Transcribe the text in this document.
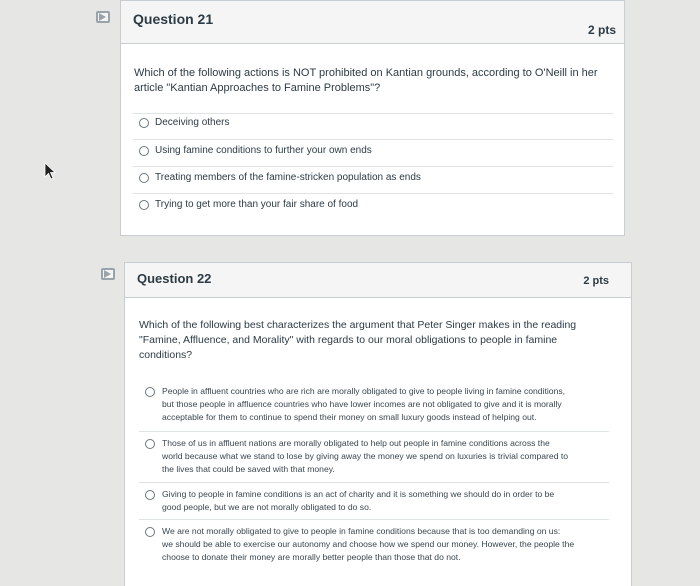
Question 21
2 pts
Which of the following actions is NOT prohibited on Kantian grounds, according to O'Neill in her
article "Kantian Approaches to Famine Problems"?
Deceiving others
Using famine conditions to further your own ends
Treating members of the famine-stricken population as ends
Trying to get more than your fair share of food
Question 22	2 pts
Which of the following best characterizes the argument that Peter Singer makes in the reading
"Famine, Affluence, and Morality" with regards to our moral obligations to people in famine
conditions?
People in affluent countries who are rich are morally obligated to give to people living in famine conditions,
but those people in affluence countries who have lower incomes are not obligated to give and it is morally
acceptable for them to continue to spend their money on small luxury goods instead of helping out.
Those of us in affluent nations are morally obligated to help out people in famine conditions across the
world because what we stand to lose by giving away the money we spend on luxuries is trivial compared to
the lives that could be saved with that money.
Giving to people in famine conditions is an act of charity and it is something we should do in order to be
good people, but we are not morally obligated to do so.
We are not morally obligated to give to people in famine conditions because that is too demanding on us:
we should be able to exercise our autonomy and choose how we spend our money. However, the people the
choose to donate their money are morally better people than those that do not.
